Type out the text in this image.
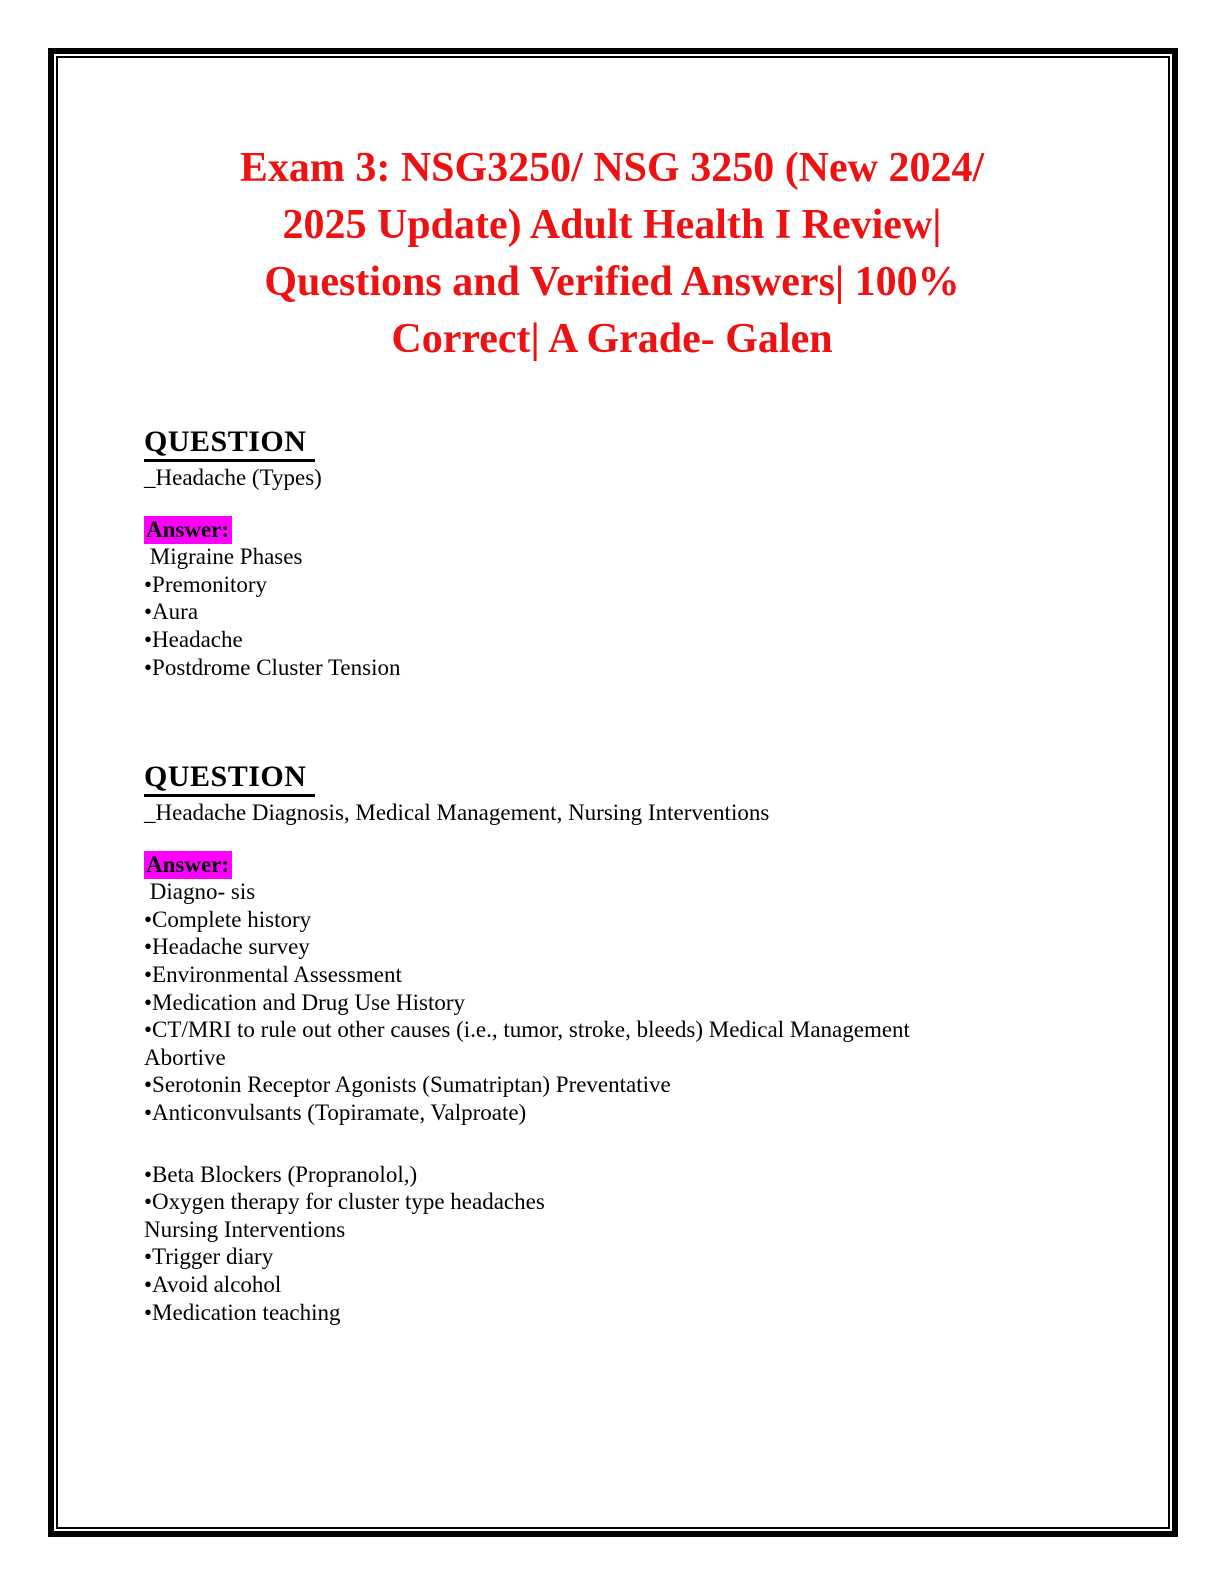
Exam 3: NSG3250/ NSG 3250 (New 2024/
2025 Update) Adult Health I Review|
Questions and Verified Answers| 100%
Correct| A Grade- Galen
QUESTION
_Headache (Types)
Answer:
Migraine Phases
•Premonitory
•Aura
•Headache
•Postdrome Cluster Tension
QUESTION
_Headache Diagnosis, Medical Management, Nursing Interventions
Answer:
Diagno- sis
•Complete history
•Headache survey
•Environmental Assessment
•Medication and Drug Use History
•CT/MRI to rule out other causes (i.e., tumor, stroke, bleeds) Medical Management
Abortive
•Serotonin Receptor Agonists (Sumatriptan) Preventative
•Anticonvulsants (Topiramate, Valproate)
•Beta Blockers (Propranolol,)
•Oxygen therapy for cluster type headaches
Nursing Interventions
•Trigger diary
•Avoid alcohol
•Medication teaching
